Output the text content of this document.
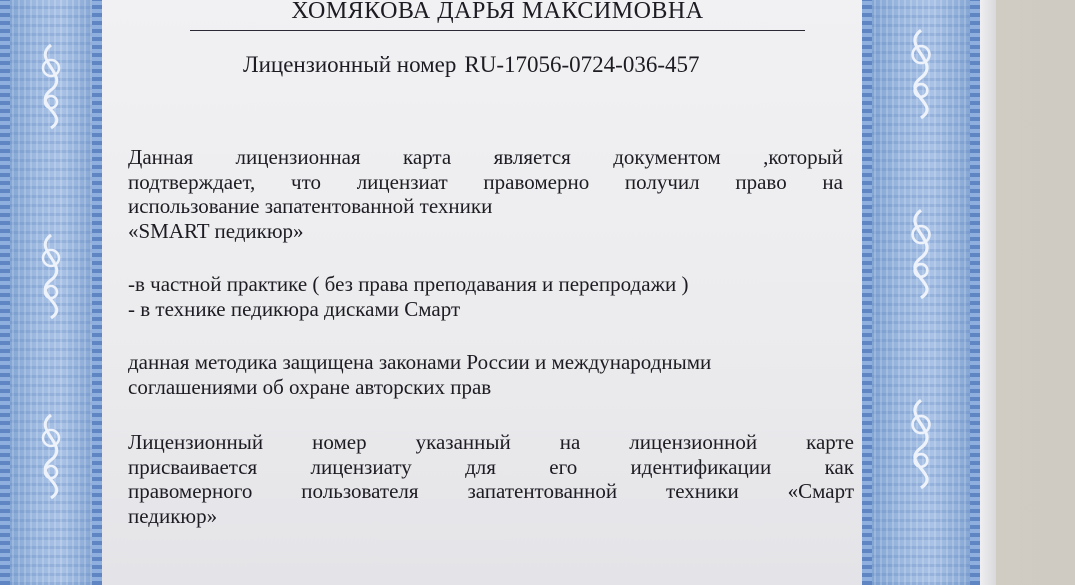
ХОМЯКОВА ДАРЬЯ МАКСИМОВНА
Лицензионный номер RU-17056-0724-036-457
Данная лицензионная карта является документом ,который
подтверждает, что лицензиат правомерно получил право на
использование запатентованной техники
«SMART педикюр»
-в частной практике ( без права преподавания и перепродажи )
- в технике педикюра дисками Смарт
данная методика защищена законами России и международными
соглашениями об охране авторских прав
Лицензионный номер указанный на лицензионной карте
присваивается лицензиату для его идентификации как
правомерного пользователя запатентованной техники «Смарт
педикюр»
